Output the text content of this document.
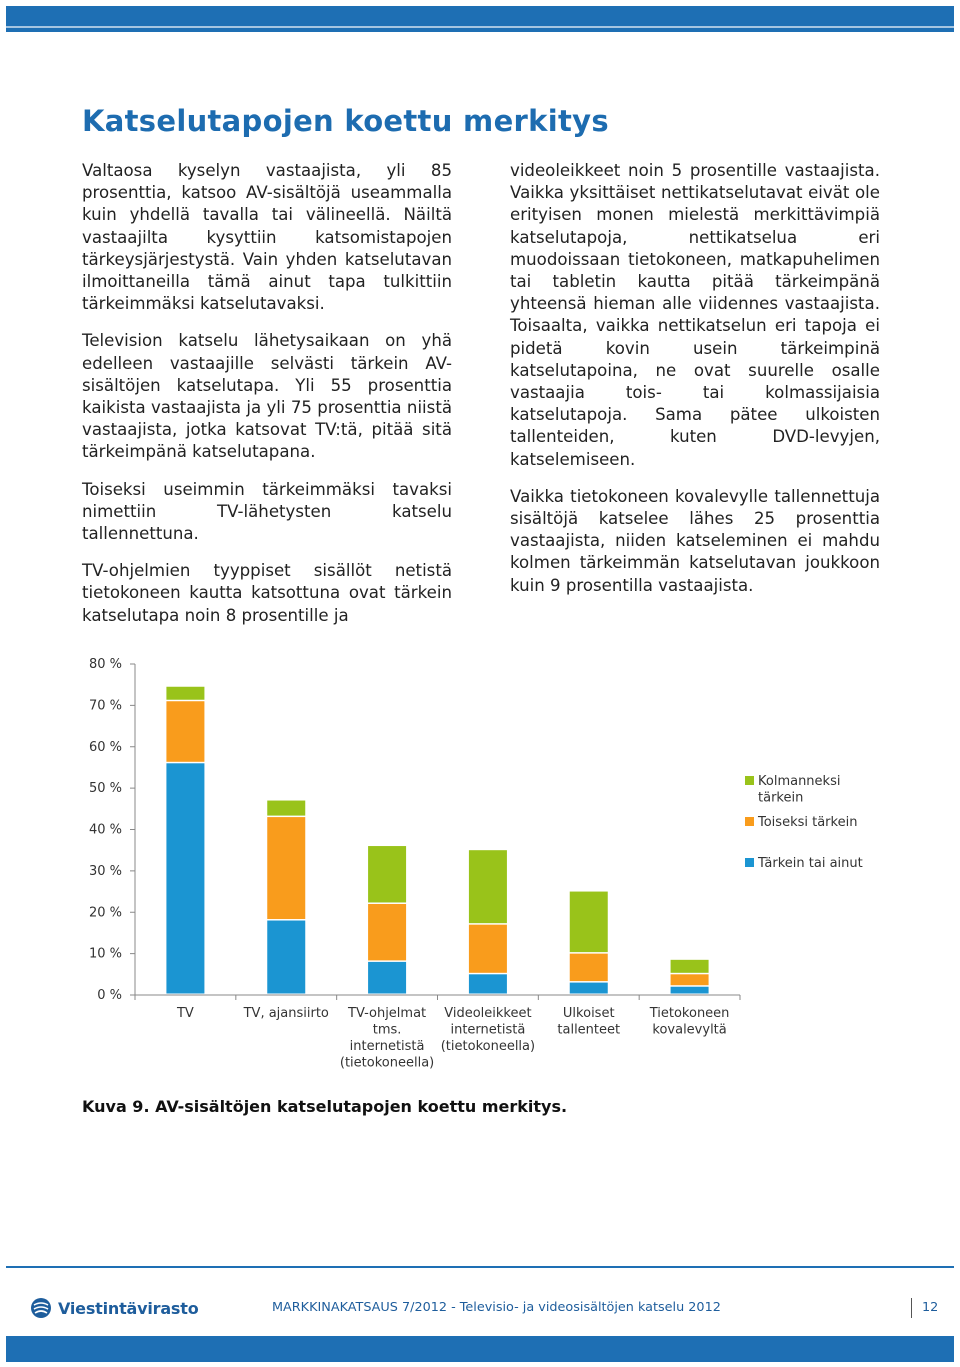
Katselutapojen koettu merkitys

Valtaosa kyselyn vastaajista, yli 85 prosenttia, katsoo AV-sisältöjä useammalla kuin yhdellä tavalla tai välineellä. Näiltä vastaajilta kysyttiin katsomistapojen tärkeysjärjestystä. Vain yhden katselutavan ilmoittaneilla tämä ainut tapa tulkittiin tärkeimmäksi katselutavaksi.

Television katselu lähetysaikaan on yhä edelleen vastaajille selvästi tärkein AV-sisältöjen katselutapa. Yli 55 prosenttia kaikista vastaajista ja yli 75 prosenttia niistä vastaajista, jotka katsovat TV:tä, pitää sitä tärkeimpänä katselutapana.

Toiseksi useimmin tärkeimmäksi tavaksi nimettiin TV-lähetysten katselu tallennettuna.

TV-ohjelmien tyyppiset sisällöt netistä tietokoneen kautta katsottuna ovat tärkein katselutapa noin 8 prosentille ja

videoleikkeet noin 5 prosentille vastaajista. Vaikka yksittäiset nettikatselutavat eivät ole erityisen monen mielestä merkittävimpiä katselutapoja, nettikatselua eri muodoissaan tietokoneen, matkapuhelimen tai tabletin kautta pitää tärkeimpänä yhteensä hieman alle viidennes vastaajista. Toisaalta, vaikka nettikatselun eri tapoja ei pidetä kovin usein tärkeimpinä katselutapoina, ne ovat suurelle osalle vastaajia tois- tai kolmassijaisia katselutapoja. Sama pätee ulkoisten tallenteiden, kuten DVD-levyjen, katselemiseen.

Vaikka tietokoneen kovalevylle tallennettuja sisältöjä katselee lähes 25 prosenttia vastaajista, niiden katseleminen ei mahdu kolmen tärkeimmän katselutavan joukkoon kuin 9 prosentilla vastaajista.

0 %
10 %
20 %
30 %
40 %
50 %
60 %
70 %
80 %
TV	TV, ajansiirto	TV-ohjelmat tms. internetistä (tietokoneella)
Videoleikkeet internetistä (tietokoneella)
Ulkoiset tallenteet
Tietokoneen kovalevyltä
Kolmanneksi tärkein
Toiseksi tärkein
Tärkein tai ainut

Kuva 9. AV-sisältöjen katselutapojen koettu merkitys.

Viestintävirasto	MARKKINAKATSAUS 7/2012 - Televisio- ja videosisältöjen katselu 2012	12
